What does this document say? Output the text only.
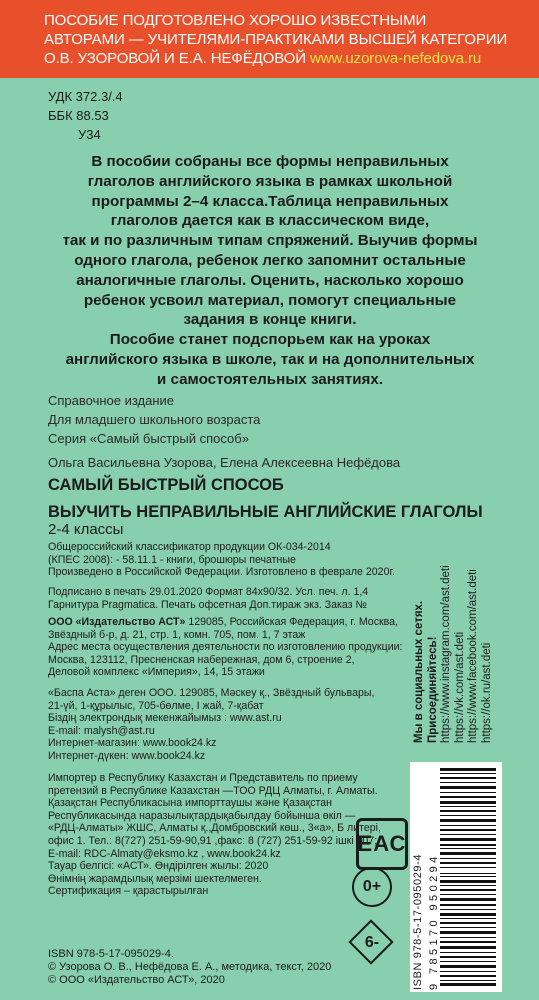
ПОСОБИЕ ПОДГОТОВЛЕНО ХОРОШО ИЗВЕСТНЫМИ
АВТОРАМИ — УЧИТЕЛЯМИ-ПРАКТИКАМИ ВЫСШЕЙ КАТЕГОРИИ
О.В. УЗОРОВОЙ И Е.А. НЕФЁДОВОЙ www.uzorova-nefedova.ru
УДК 372.3/.4
ББК 88.53
У34

В пособии собраны все формы неправильных

глаголов английского языка в рамках школьной

программы 2–4 класса.Таблица неправильных

глаголов дается как в классическом виде,

так и по различным типам спряжений. Выучив формы

одного глагола, ребенок легко запомнит остальные

аналогичные глаголы. Оценить, насколько хорошо

ребенок усвоил материал, помогут специальные

задания в конце книги.

Пособие станет подспорьем как на уроках

английского языка в школе, так и на дополнительных

и самостоятельных занятиях.

Справочное издание
Для младшего школьного возраста
Серия «Самый быстрый способ»
Ольга Васильевна Узорова, Елена Алексеевна Нефёдова
САМЫЙ БЫСТРЫЙ СПОСОБ
ВЫУЧИТЬ НЕПРАВИЛЬНЫЕ АНГЛИЙСКИЕ ГЛАГОЛЫ
2-4 классы
Общероссийский классификатор продукции ОК-034-2014
(КПЕС 2008): - 58.11.1 - книги, брошюры печатные
Произведено в Российской Федерации. Изготовлено в феврале 2020г.
Подписано в печать 29.01.2020 Формат 84х90/32. Усл. печ. л. 1,4
Гарнитура Pragmatica. Печать офсетная Доп.тираж экз. Заказ №
ООО «Издательство АСТ» 129085, Российская Федерация, г. Москва,
Звёздный б-р, д. 21, стр. 1, комн. 705, пом. 1, 7 этаж
Адрес места осуществления деятельности по изготовлению продукции:
Москва, 123112, Пресненская набережная, дом 6, строение 2,
Деловой комплекс «Империя», 14, 15 этажи
«Баспа Аста» деген ООО. 129085, Мәскеу қ., Звёздный бульвары,
21-үй, 1-құрылыс, 705-бөлме, I жай, 7-қабат
Біздің электрондық мекенжайымыз : www.ast.ru
E-mail: malysh@ast.ru
Интернет-магазин: www.book24.kz
Интернет-дүкен: www.book24.kz
Импортер в Республику Казахстан и Представитель по приему
претензий в Республике Казахстан —ТОО РДЦ Алматы, г. Алматы.
Қазақстан Республикасына импорттаушы және Қазақстан
Республикасында наразылықтардықабылдау бойынша өкіл —
«РДЦ-Алматы» ЖШС, Алматы қ.,Домбровский көш., 3«а», Б литері,
офис 1. Тел.: 8(727) 251-59-90,91 ,факс: 8 (727) 251-59-92 ішкі 107;
E-mail: RDC-Almaty@eksmo.kz , www.book24.kz
Тауар белгісі: «АСТ». Өндірілген жылы: 2020
Өнімнің жарамдылық мерзімі шектелмеген.
Сертификация – қарастырылған
Мы в социальных сетях. Присоединяйтесь! https://www.instagram.com/ast.deti https://vk.com/ast.deti https://www.facebook.com/ast.deti https://ok.ru/ast.deti
ЕАС
0+
6-	ISBN 978-5-17-095029-4 9 785170 950294
ISBN 978-5-17-095029-4.
© Узорова О. В., Нефёдова Е. А., методика, текст, 2020
© ООО «Издательство АСТ», 2020
